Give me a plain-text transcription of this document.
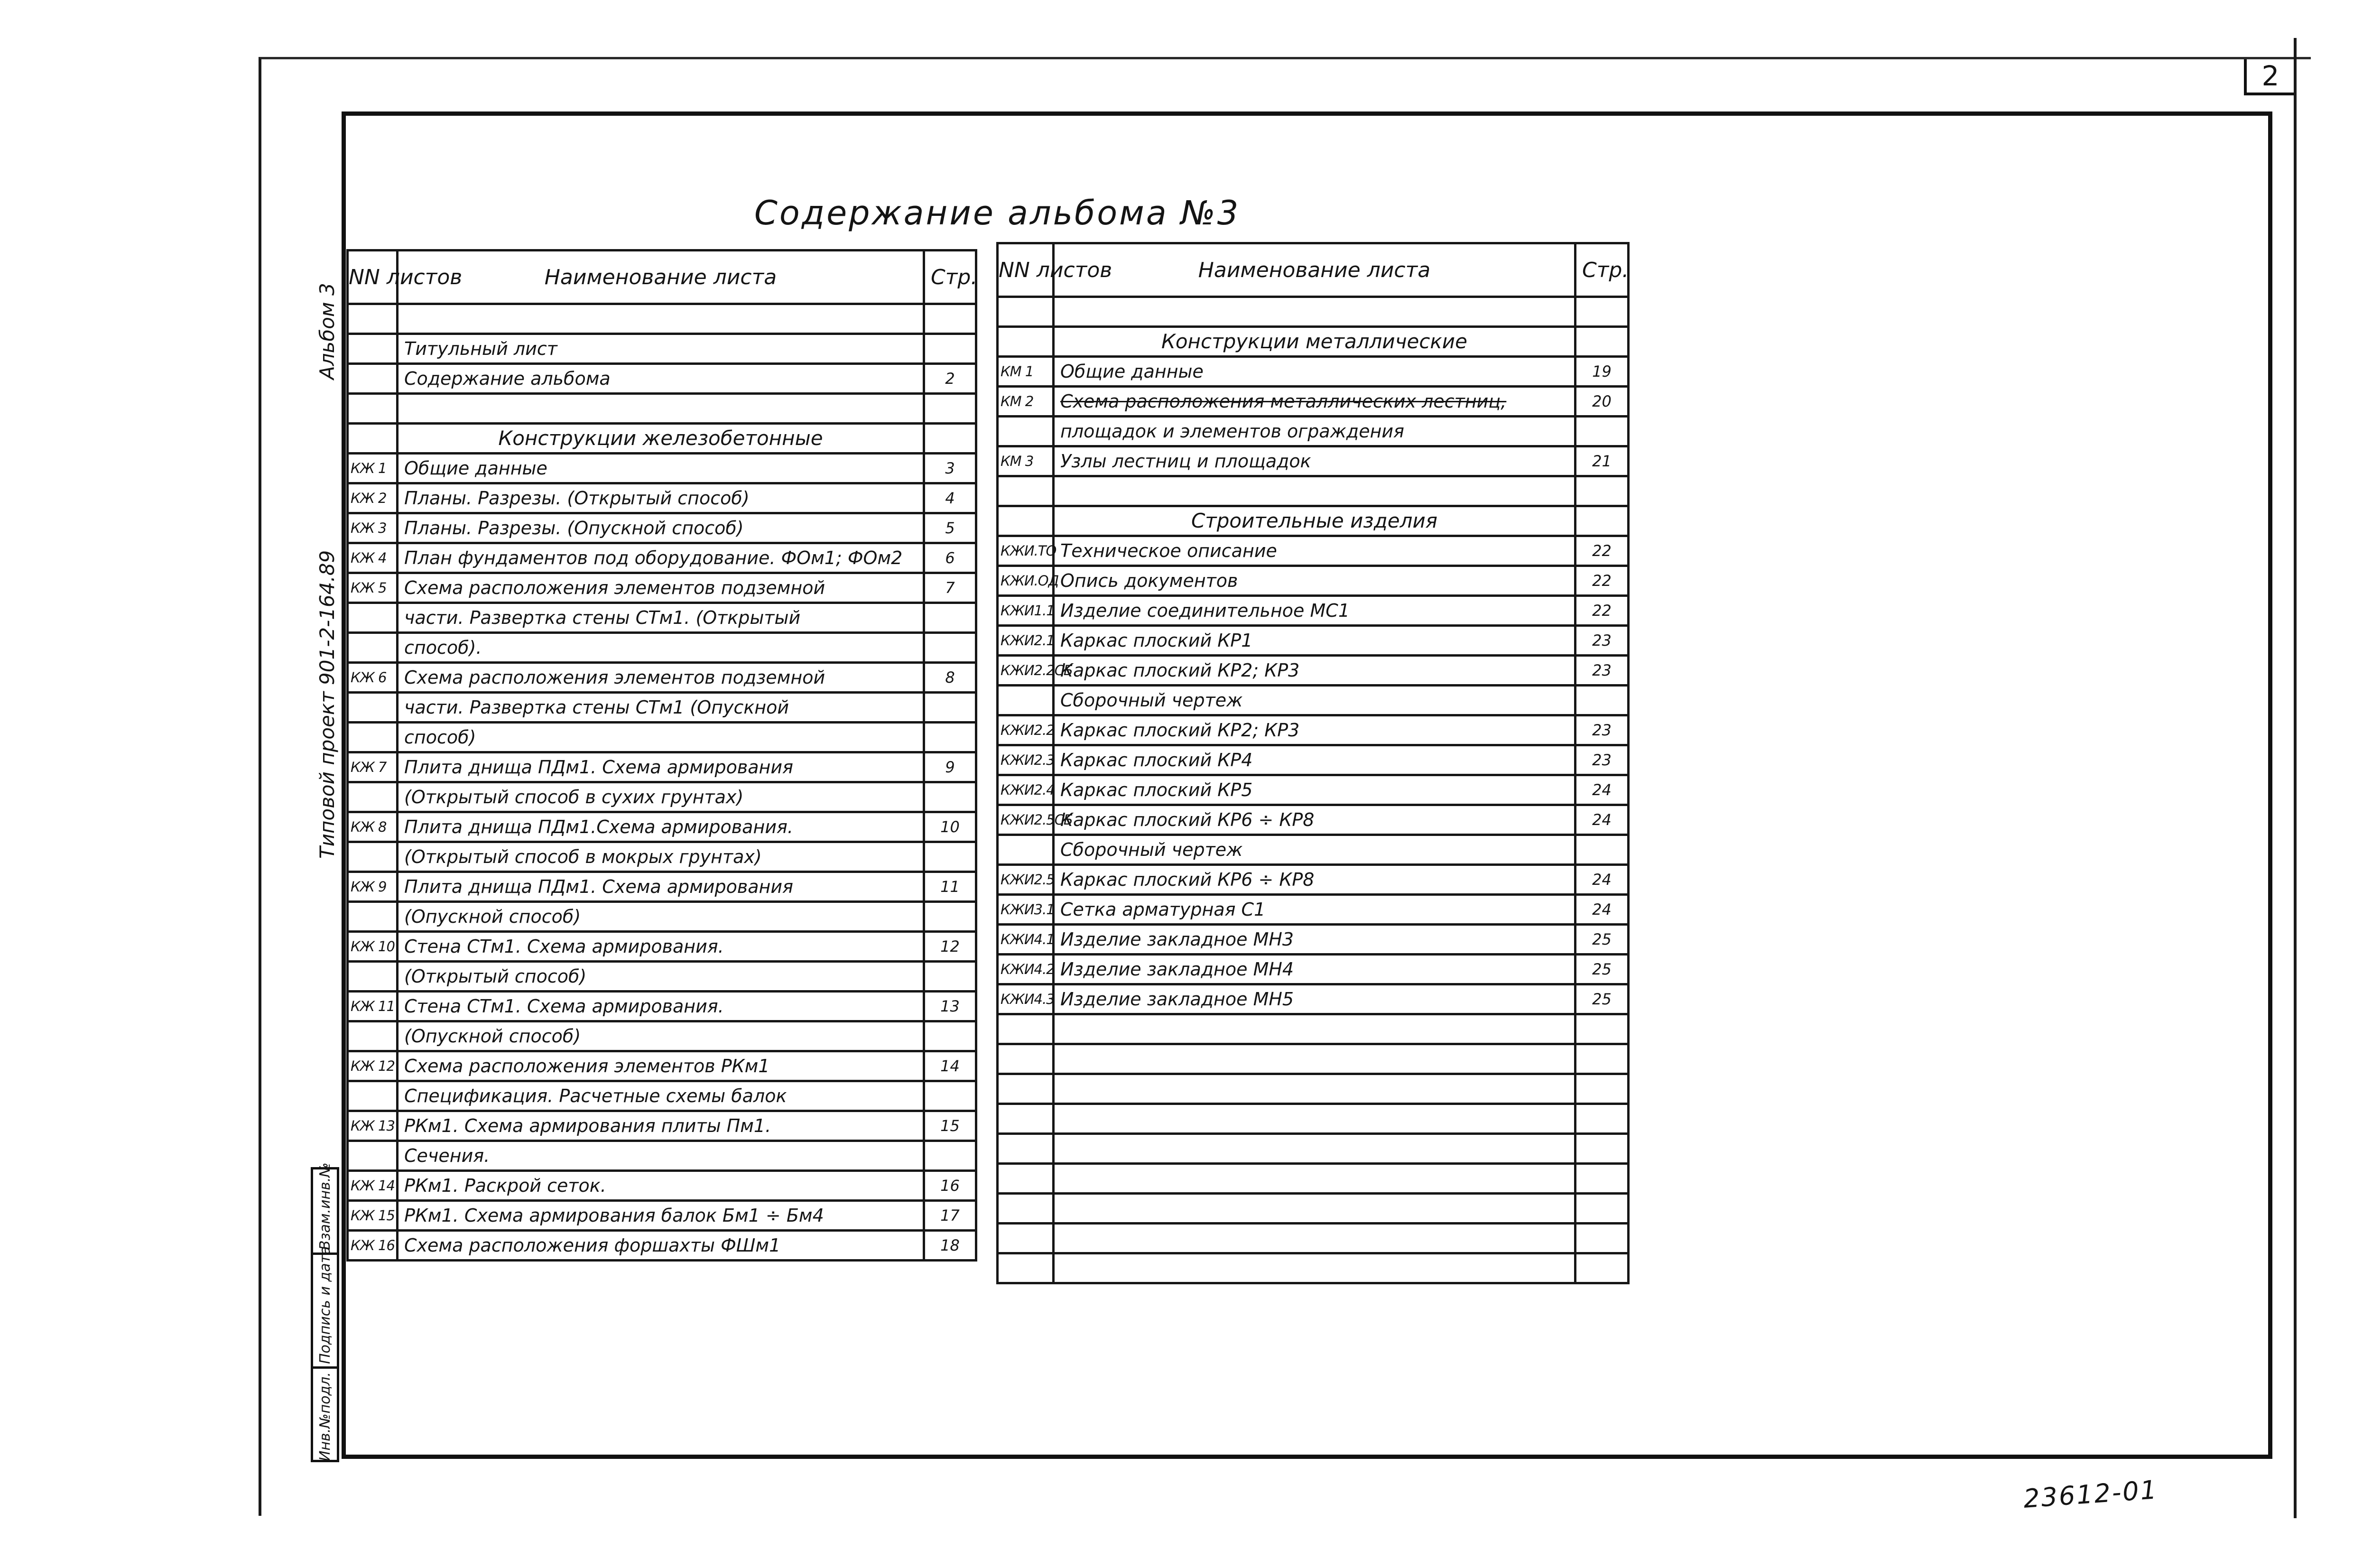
2
Альбом 3
Типовой проект 901-2-164.89
Инв.№подл.
Подпись и дата
Взам.инв.№
Содержание альбома №3
NN листов	Наименование листа	Стр.

	Титульный лист	
	Содержание альбома	2

	Конструкции железобетонные	
КЖ 1	Общие данные	3
КЖ 2	Планы. Разрезы. (Открытый способ)	4
КЖ 3	Планы. Разрезы. (Опускной способ)	5
КЖ 4	План фундаментов под оборудование. ФОм1; ФОм2	6
КЖ 5	Схема расположения элементов подземной	7
	части. Развертка стены СТм1. (Открытый	
	способ).	
КЖ 6	Схема расположения элементов подземной	8
	части. Развертка стены СТм1 (Опускной	
	способ)	
КЖ 7	Плита днища ПДм1. Схема армирования	9
	(Открытый способ в сухих грунтах)	
КЖ 8	Плита днища ПДм1.Схема армирования.	10
	(Открытый способ в мокрых грунтах)	
КЖ 9	Плита днища ПДм1. Схема армирования	11
	(Опускной способ)	
КЖ 10	Стена СТм1. Схема армирования.	12
	(Открытый способ)	
КЖ 11	Стена СТм1. Схема армирования.	13
	(Опускной способ)	
КЖ 12	Схема расположения элементов РКм1	14
	Спецификация. Расчетные схемы балок	
КЖ 13	РКм1. Схема армирования плиты Пм1.	15
	Сечения.	
КЖ 14	РКм1. Раскрой сеток.	16
КЖ 15	РКм1. Схема армирования балок Бм1 ÷ Бм4	17
КЖ 16	Схема расположения форшахты ФШм1	18
NN листов	Наименование листа	Стр.

	Конструкции металлические	
КМ 1	Общие данные	19
КМ 2	Схема расположения металлических лестниц,	20
	площадок и элементов ограждения	
КМ 3	Узлы лестниц и площадок	21

	Строительные изделия	
КЖИ.ТО	Техническое описание	22
КЖИ.ОД	Опись документов	22
КЖИ1.1	Изделие соединительное МС1	22
КЖИ2.1	Каркас плоский КР1	23
КЖИ2.2СБ	Каркас плоский КР2; КР3	23
	Сборочный чертеж	
КЖИ2.2	Каркас плоский КР2; КР3	23
КЖИ2.3	Каркас плоский КР4	23
КЖИ2.4	Каркас плоский КР5	24
КЖИ2.5СБ	Каркас плоский КР6 ÷ КР8	24
	Сборочный чертеж	
КЖИ2.5	Каркас плоский КР6 ÷ КР8	24
КЖИ3.1	Сетка арматурная С1	24
КЖИ4.1	Изделие закладное МН3	25
КЖИ4.2	Изделие закладное МН4	25
КЖИ4.3	Изделие закладное МН5	25

23612-01
